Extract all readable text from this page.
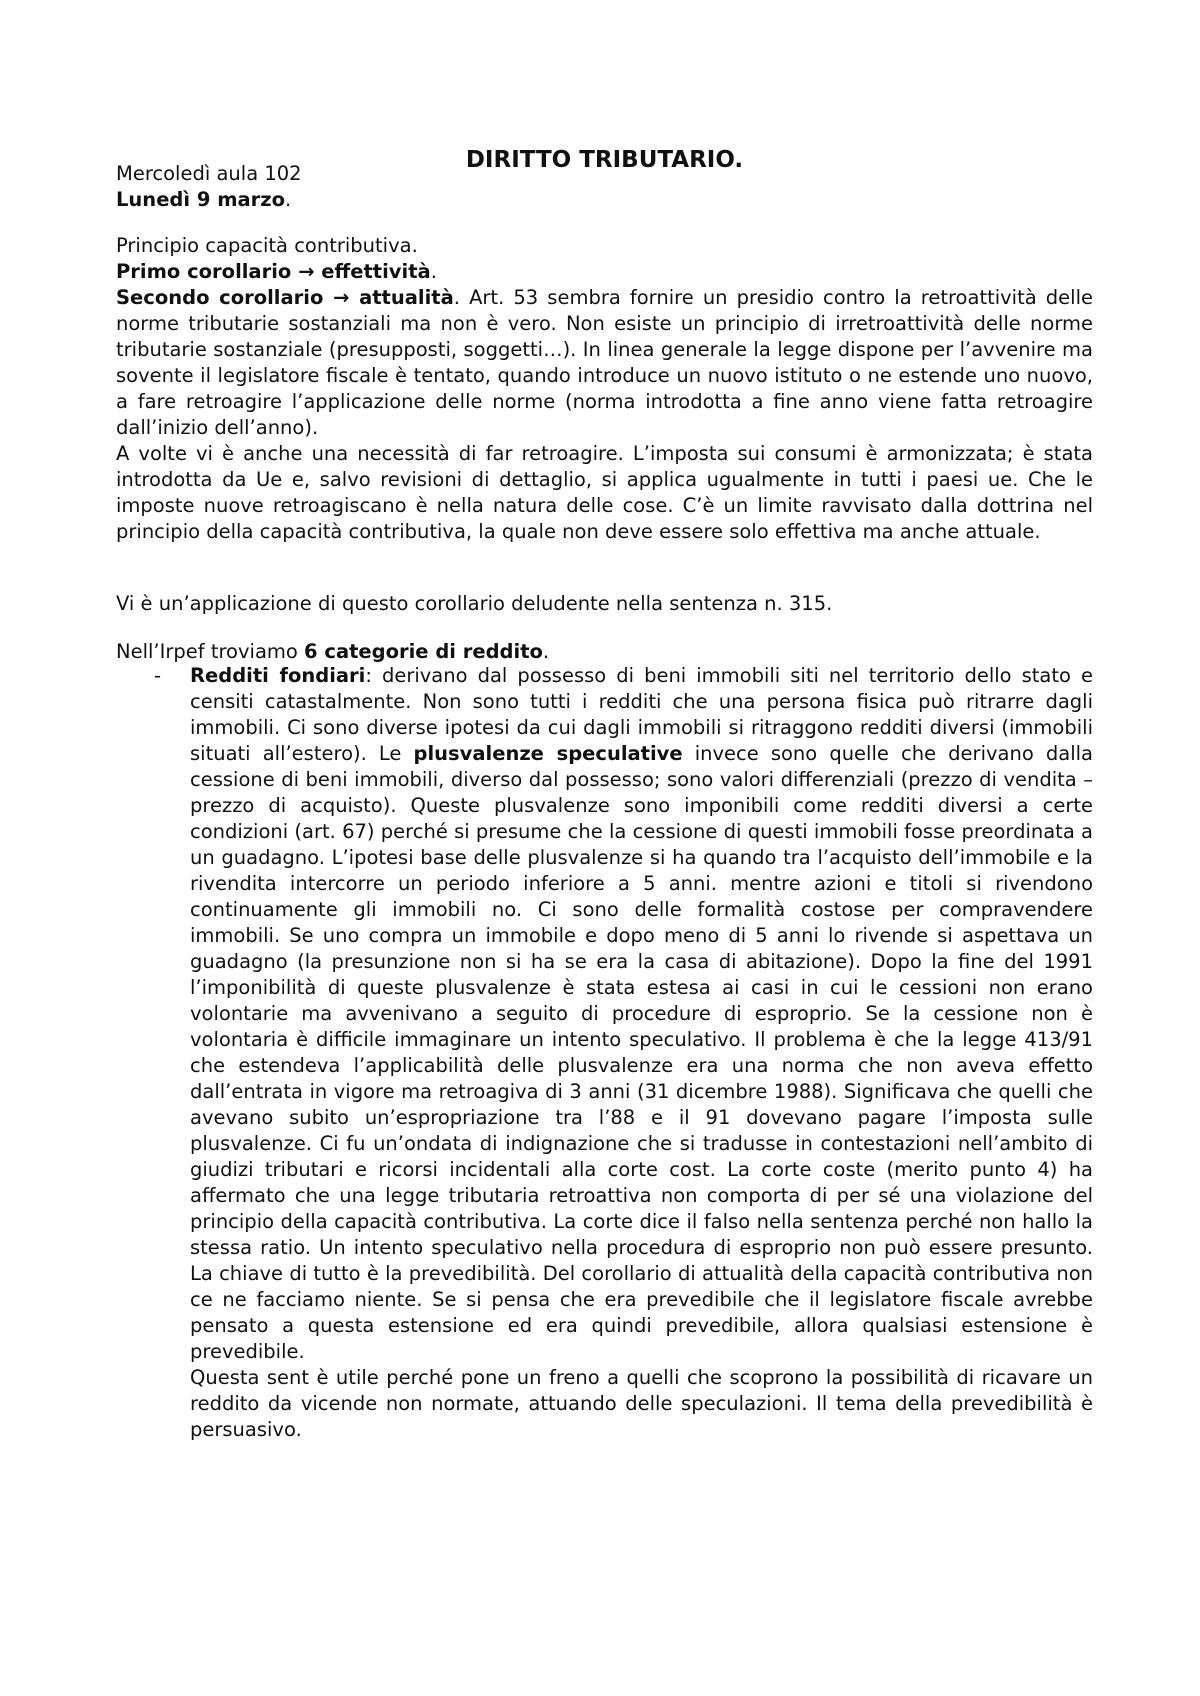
DIRITTO TRIBUTARIO.
Mercoledì aula 102
Lunedì 9 marzo.
Principio capacità contributiva.
Primo corollario → effettività.
Secondo corollario → attualità. Art. 53 sembra fornire un presidio contro la retroattività delle norme tributarie sostanziali ma non è vero. Non esiste un principio di irretroattività delle norme tributarie sostanziale (presupposti, soggetti…). In linea generale la legge dispone per l’avvenire ma sovente il legislatore fiscale è tentato, quando introduce un nuovo istituto o ne estende uno nuovo, a fare retroagire l’applicazione delle norme (norma introdotta a fine anno viene fatta retroagire dall’inizio dell’anno).
A volte vi è anche una necessità di far retroagire. L’imposta sui consumi è armonizzata; è stata introdotta da Ue e, salvo revisioni di dettaglio, si applica ugualmente in tutti i paesi ue. Che le imposte nuove retroagiscano è nella natura delle cose. C’è un limite ravvisato dalla dottrina nel principio della capacità contributiva, la quale non deve essere solo effettiva ma anche attuale.
Vi è un’applicazione di questo corollario deludente nella sentenza n. 315.
Nell’Irpef troviamo 6 categorie di reddito.
- Redditi fondiari: derivano dal possesso di beni immobili siti nel territorio dello stato e censiti catastalmente. Non sono tutti i redditi che una persona fisica può ritrarre dagli immobili. Ci sono diverse ipotesi da cui dagli immobili si ritraggono redditi diversi (immobili situati all’estero). Le plusvalenze speculative invece sono quelle che derivano dalla cessione di beni immobili, diverso dal possesso; sono valori differenziali (prezzo di vendita – prezzo di acquisto). Queste plusvalenze sono imponibili come redditi diversi a certe condizioni (art. 67) perché si presume che la cessione di questi immobili fosse preordinata a un guadagno. L’ipotesi base delle plusvalenze si ha quando tra l’acquisto dell’immobile e la rivendita intercorre un periodo inferiore a 5 anni. mentre azioni e titoli si rivendono continuamente gli immobili no. Ci sono delle formalità costose per compravendere immobili. Se uno compra un immobile e dopo meno di 5 anni lo rivende si aspettava un guadagno (la presunzione non si ha se era la casa di abitazione). Dopo la fine del 1991 l’imponibilità di queste plusvalenze è stata estesa ai casi in cui le cessioni non erano volontarie ma avvenivano a seguito di procedure di esproprio. Se la cessione non è volontaria è difficile immaginare un intento speculativo. Il problema è che la legge 413/91 che estendeva l’applicabilità delle plusvalenze era una norma che non aveva effetto dall’entrata in vigore ma retroagiva di 3 anni (31 dicembre 1988). Significava che quelli che avevano subito un’espropriazione tra l’88 e il 91 dovevano pagare l’imposta sulle plusvalenze. Ci fu un’ondata di indignazione che si tradusse in contestazioni nell’ambito di giudizi tributari e ricorsi incidentali alla corte cost. La corte coste (merito punto 4) ha affermato che una legge tributaria retroattiva non comporta di per sé una violazione del principio della capacità contributiva. La corte dice il falso nella sentenza perché non hallo la stessa ratio. Un intento speculativo nella procedura di esproprio non può essere presunto. La chiave di tutto è la prevedibilità. Del corollario di attualità della capacità contributiva non ce ne facciamo niente. Se si pensa che era prevedibile che il legislatore fiscale avrebbe pensato a questa estensione ed era quindi prevedibile, allora qualsiasi estensione è prevedibile.
Questa sent è utile perché pone un freno a quelli che scoprono la possibilità di ricavare un reddito da vicende non normate, attuando delle speculazioni. Il tema della prevedibilità è persuasivo.
